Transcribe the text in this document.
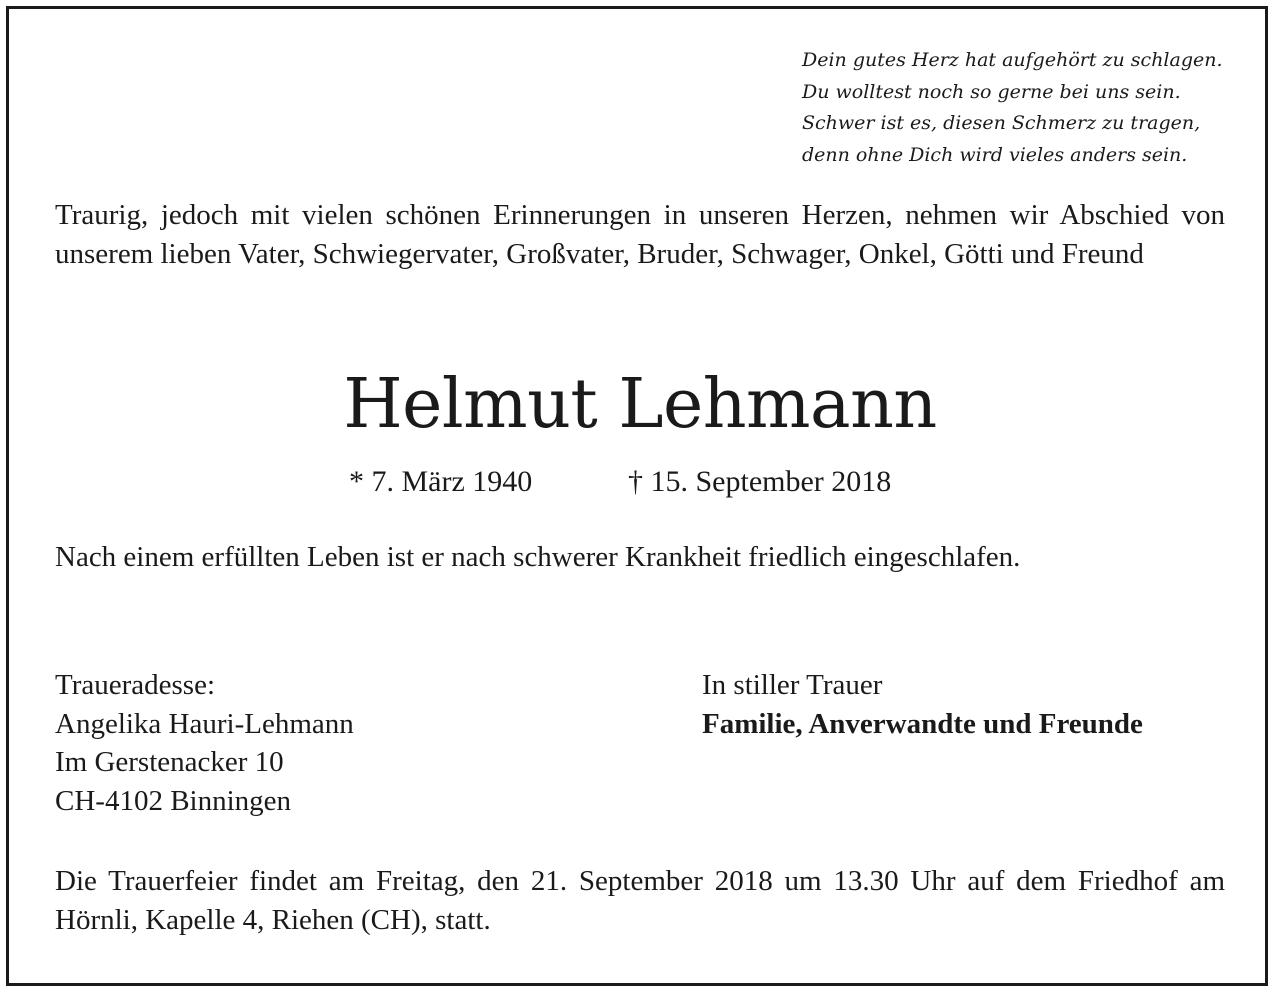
Dein gutes Herz hat aufgehört zu schlagen.
Du wolltest noch so gerne bei uns sein.
Schwer ist es, diesen Schmerz zu tragen,
denn ohne Dich wird vieles anders sein.
Traurig, jedoch mit vielen schönen Erinnerungen in unseren Herzen, nehmen wir Abschied von unserem lieben Vater, Schwiegervater, Großvater, Bruder, Schwager, Onkel, Götti und Freund
Helmut Lehmann
* 7. März 1940	† 15. September 2018
Nach einem erfüllten Leben ist er nach schwerer Krankheit friedlich eingeschlafen.
Traueradesse:
Angelika Hauri-Lehmann
Im Gerstenacker 10
CH-4102 Binningen
In stiller Trauer
Familie, Anverwandte und Freunde
Die Trauerfeier findet am Freitag, den 21. September 2018 um 13.30 Uhr auf dem Friedhof am Hörnli, Kapelle 4, Riehen (CH), statt.
